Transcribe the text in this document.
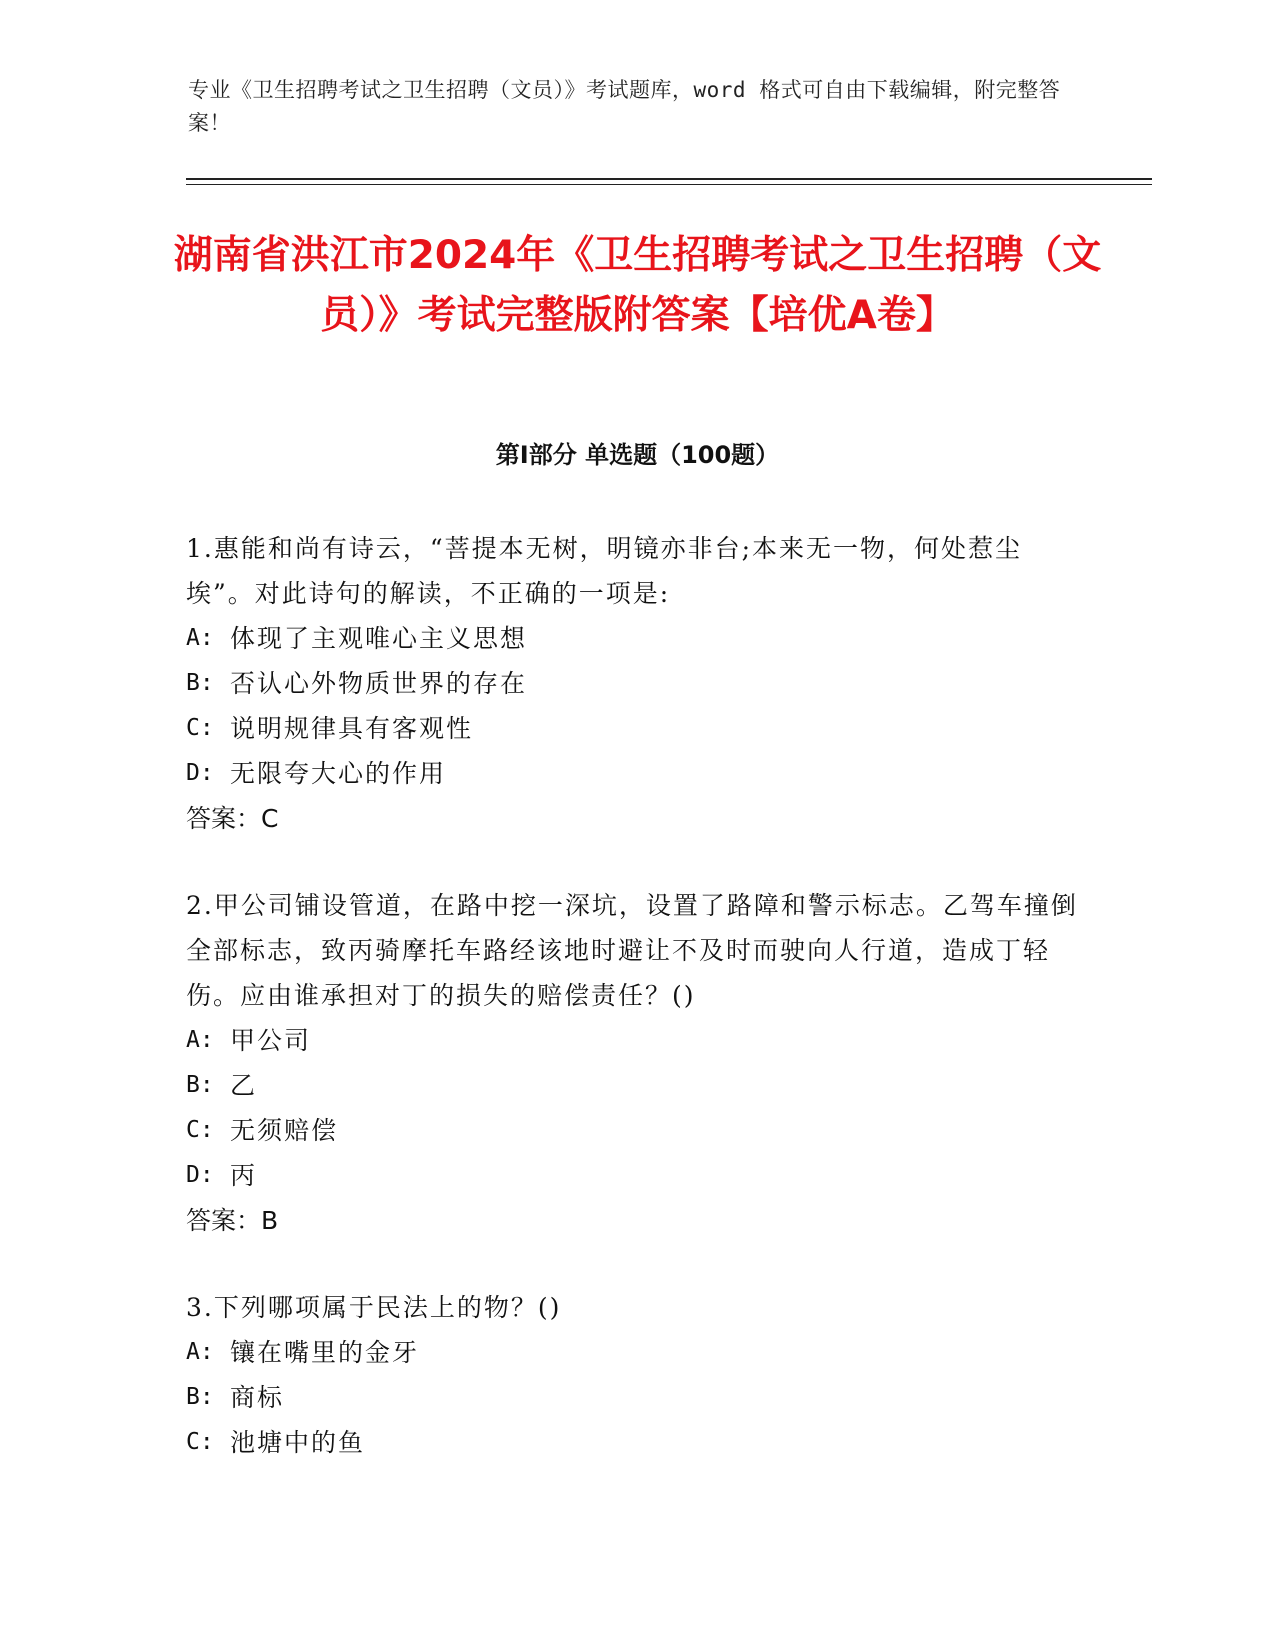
专业《卫生招聘考试之卫生招聘（文员）》考试题库，word 格式可自由下载编辑，附完整答案！
湖南省洪江市2024年《卫生招聘考试之卫生招聘（文员）》考试完整版附答案【培优A卷】
第Ⅰ部分 单选题（100题）

1.惠能和尚有诗云，“菩提本无树，明镜亦非台;本来无一物，何处惹尘埃”。对此诗句的解读，不正确的一项是:

A: 体现了主观唯心主义思想

B: 否认心外物质世界的存在

C: 说明规律具有客观性

D: 无限夸大心的作用

答案：C

2.甲公司铺设管道，在路中挖一深坑，设置了路障和警示标志。乙驾车撞倒全部标志，致丙骑摩托车路经该地时避让不及时而驶向人行道，造成丁轻伤。应由谁承担对丁的损失的赔偿责任？()

A: 甲公司

B: 乙

C: 无须赔偿

D: 丙

答案：B

3.下列哪项属于民法上的物？()

A: 镶在嘴里的金牙

B: 商标

C: 池塘中的鱼
